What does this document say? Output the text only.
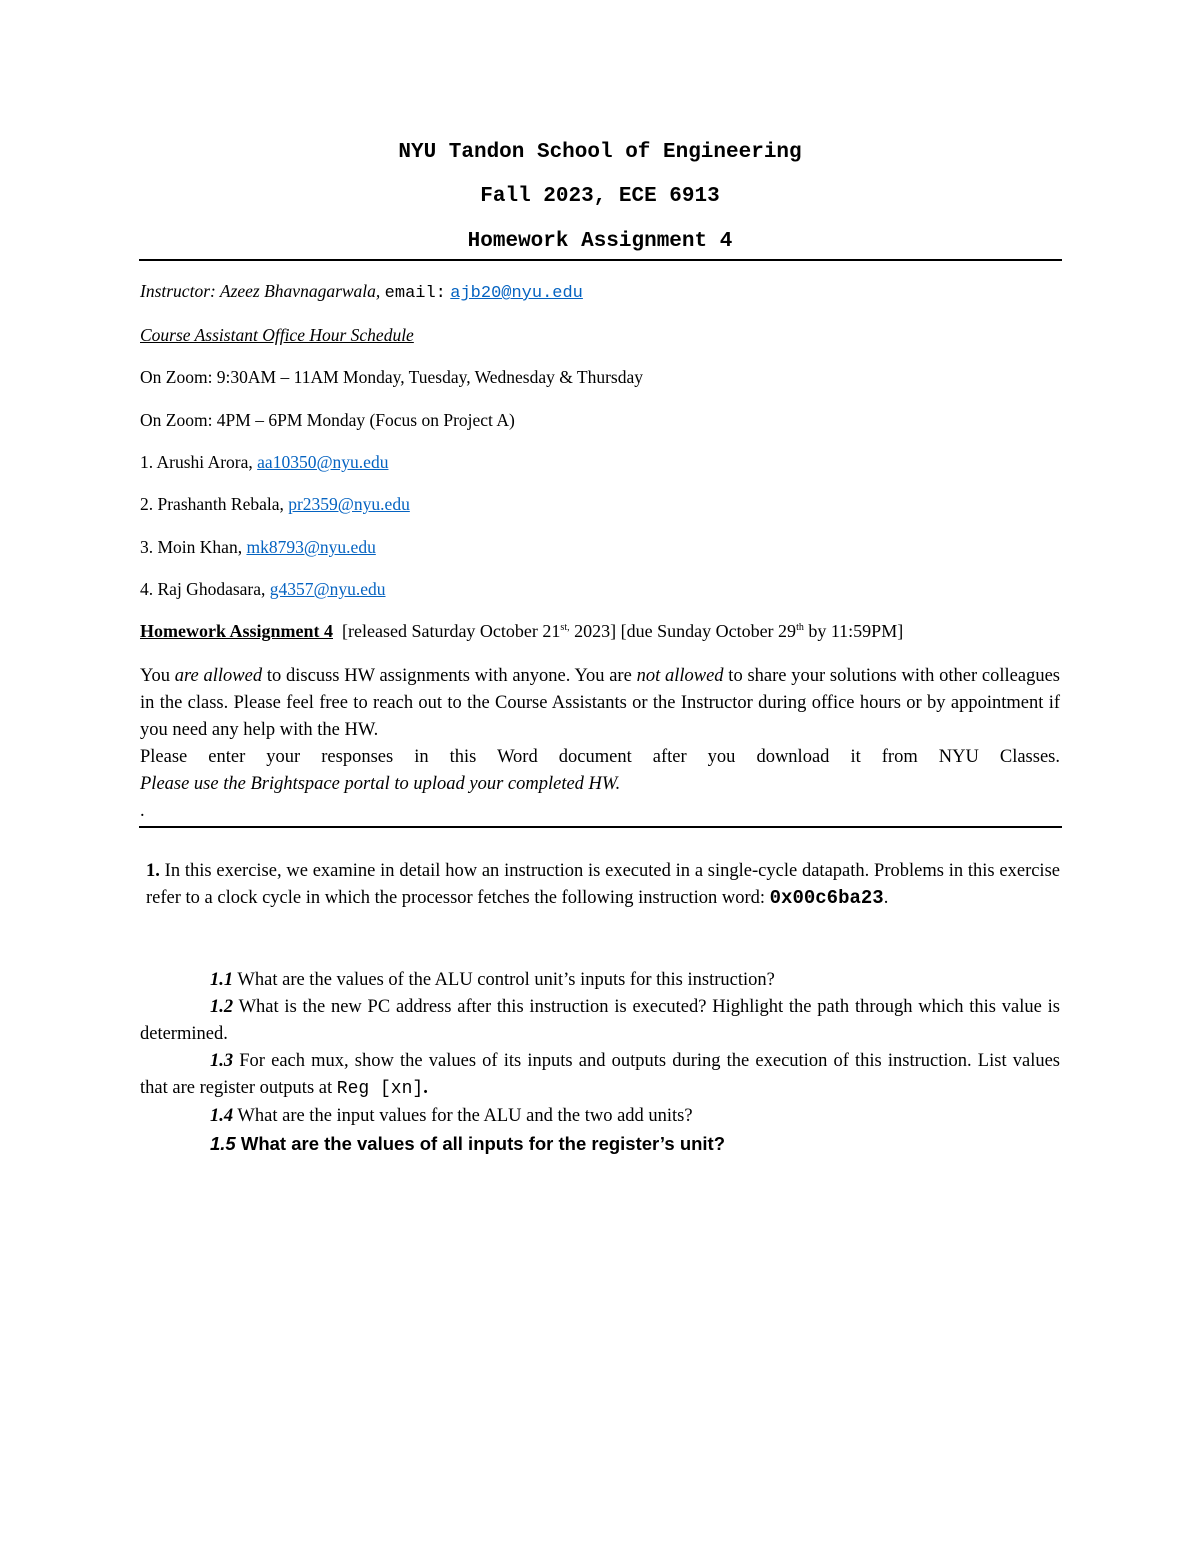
NYU Tandon School of Engineering
Fall 2023, ECE 6913
Homework Assignment 4
Instructor: Azeez Bhavnagarwala, email: ajb20@nyu.edu
Course Assistant Office Hour Schedule
On Zoom: 9:30AM – 11AM Monday, Tuesday, Wednesday & Thursday
On Zoom: 4PM – 6PM Monday (Focus on Project A)
1. Arushi Arora, aa10350@nyu.edu
2. Prashanth Rebala, pr2359@nyu.edu
3. Moin Khan, mk8793@nyu.edu
4. Raj Ghodasara, g4357@nyu.edu
Homework Assignment 4 [released Saturday October $21^{st,}$ 2023] [due Sunday October 29th by 11:59PM]
You are allowed to discuss HW assignments with anyone. You are not allowed to share your solutions with other colleagues in the class. Please feel free to reach out to the Course Assistants or the Instructor during office hours or by appointment if you need any help with the HW.
Please enter your responses in this Word document after you download it from NYU Classes.
Please use the Brightspace portal to upload your completed HW.
.
1. In this exercise, we examine in detail how an instruction is executed in a single-cycle datapath. Problems in this exercise refer to a clock cycle in which the processor fetches the following instruction word: 0x00c6ba23.
1.1 What are the values of the ALU control unit’s inputs for this instruction?
1.2 What is the new PC address after this instruction is executed? Highlight the path through which this value is determined.
1.3 For each mux, show the values of its inputs and outputs during the execution of this instruction. List values that are register outputs at Reg [xn].
1.4 What are the input values for the ALU and the two add units?
1.5 What are the values of all inputs for the register’s unit?
